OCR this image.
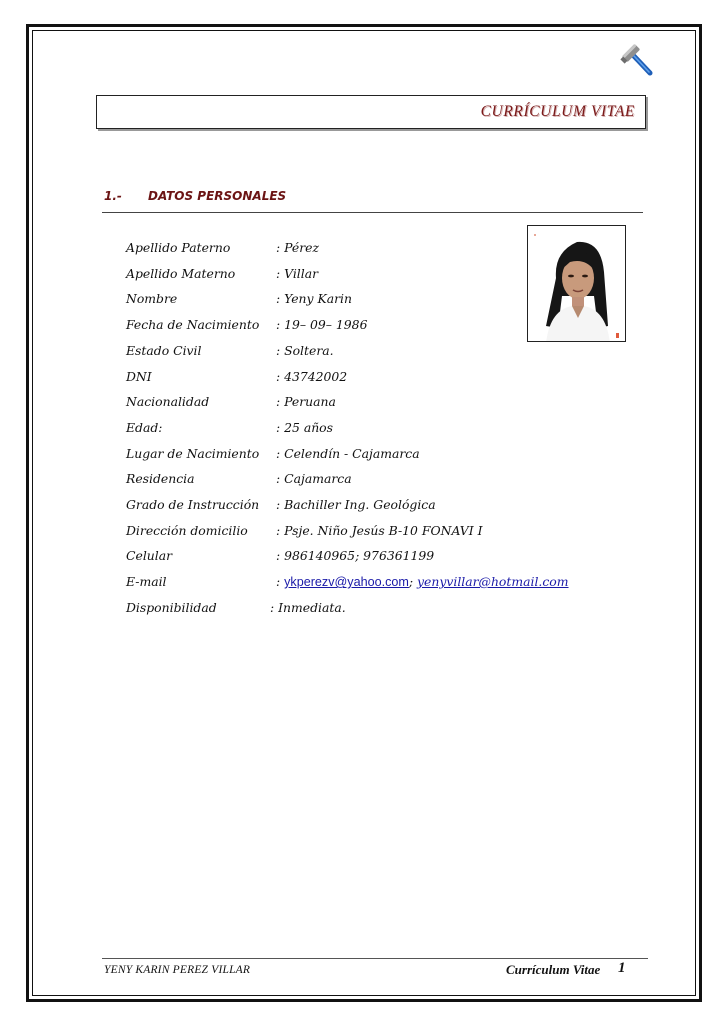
CURRÍCULUM VITAE
1.- DATOS PERSONALES
Apellido Paterno	: Pérez
Apellido Materno	: Villar
Nombre	: Yeny Karin
Fecha de Nacimiento : 19– 09– 1986
Estado Civil	: Soltera.
DNI	: 43742002
Nacionalidad	: Peruana
Edad:	: 25 años
Lugar de Nacimiento : Celendín - Cajamarca
Residencia	: Cajamarca
Grado de Instrucción : Bachiller Ing. Geológica
Dirección domicilio : Psje. Niño Jesús B-10 FONAVI I
Celular	: 986140965; 976361199
E-mail	: ykperezv@yahoo.com; yenyvillar@hotmail.com
Disponibilidad	: Inmediata.
YENY KARIN PEREZ VILLAR	Currículum Vitae 1
